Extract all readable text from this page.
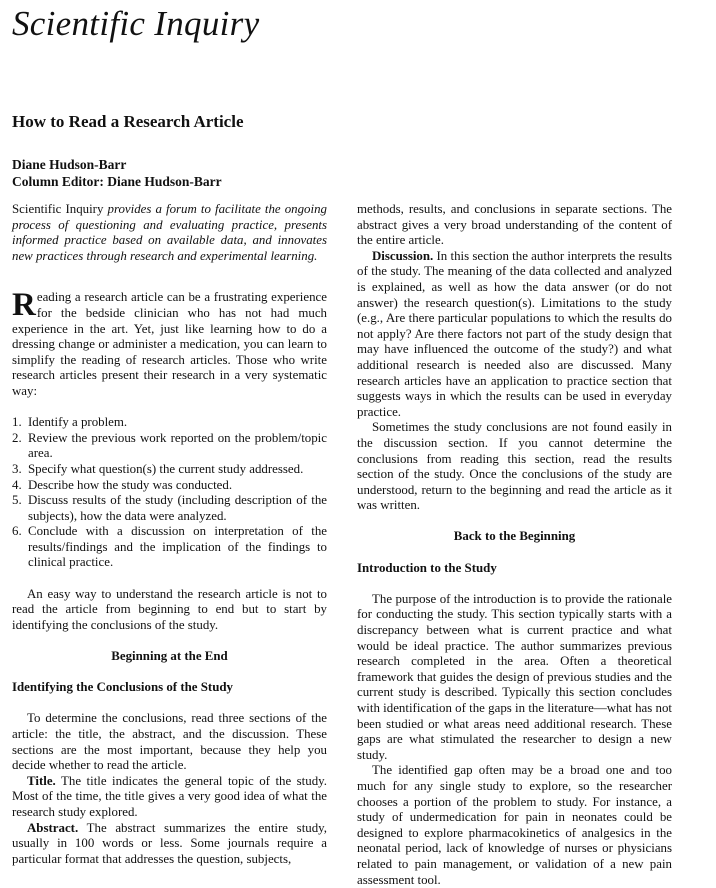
Scientific Inquiry
How to Read a Research Article
Diane Hudson-Barr
Column Editor: Diane Hudson-Barr

Scientific Inquiry provides a forum to facilitate the ongoing process of questioning and evaluating practice, presents informed practice based on available data, and innovates new practices through research and experimental learning.

Reading a research article can be a frustrating experience for the bedside clinician who has not had much experience in the art. Yet, just like learning how to do a dressing change or administer a medication, you can learn to simplify the reading of research articles. Those who write research articles present their research in a very systematic way:

1. Identify a problem.
2. Review the previous work reported on the problem/topic area.
3. Specify what question(s) the current study addressed.
4. Describe how the study was conducted.
5. Discuss results of the study (including description of the subjects), how the data were analyzed.
6. Conclude with a discussion on interpretation of the results/findings and the implication of the findings to clinical practice.

An easy way to understand the research article is not to read the article from beginning to end but to start by identifying the conclusions of the study.

Beginning at the End
Identifying the Conclusions of the Study

To determine the conclusions, read three sections of the article: the title, the abstract, and the discussion. These sections are the most important, because they help you decide whether to read the article.

Title. The title indicates the general topic of the study. Most of the time, the title gives a very good idea of what the research study explored.

Abstract. The abstract summarizes the entire study, usually in 100 words or less. Some journals require a particular format that addresses the question, subjects,

methods, results, and conclusions in separate sections. The abstract gives a very broad understanding of the content of the entire article.

Discussion. In this section the author interprets the results of the study. The meaning of the data collected and analyzed is explained, as well as how the data answer (or do not answer) the research question(s). Limitations to the study (e.g., Are there particular populations to which the results do not apply? Are there factors not part of the study design that may have influenced the outcome of the study?) and what additional research is needed also are discussed. Many research articles have an application to practice section that suggests ways in which the results can be used in everyday practice.

Sometimes the study conclusions are not found easily in the discussion section. If you cannot determine the conclusions from reading this section, read the results section of the study. Once the conclusions of the study are understood, return to the beginning and read the article as it was written.

Back to the Beginning
Introduction to the Study

The purpose of the introduction is to provide the rationale for conducting the study. This section typically starts with a discrepancy between what is current practice and what would be ideal practice. The author summarizes previous research completed in the area. Often a theoretical framework that guides the design of previous studies and the current study is described. Typically this section concludes with identification of the gaps in the literature—what has not been studied or what areas need additional research. These gaps are what stimulated the researcher to design a new study.

The identified gap often may be a broad one and too much for any single study to explore, so the researcher chooses a portion of the problem to study. For instance, a study of undermedication for pain in neonates could be designed to explore pharmacokinetics of analgesics in the neonatal period, lack of knowledge of nurses or physicians related to pain management, or validation of a new pain assessment tool.
